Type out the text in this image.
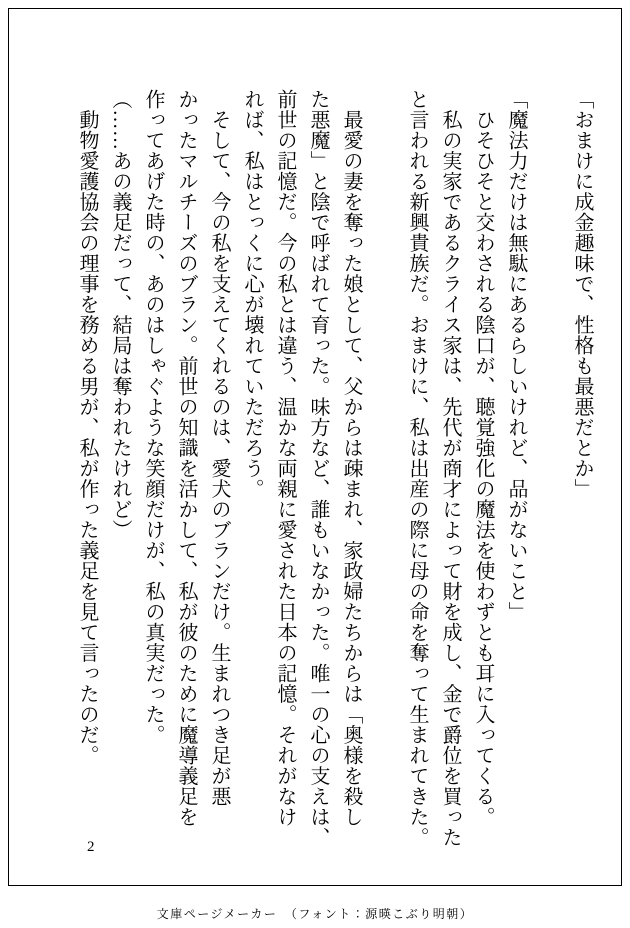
「おまけに成金趣味で、性格も最悪だとか」
「魔法力だけは無駄にあるらしいけれど、品がないこと」
　ひそひそと交わされる陰口が、聴覚強化の魔法を使わずとも耳に入ってくる。
　私の実家であるクライス家は、先代が商才によって財を成し、金で爵位を買った
と言われる新興貴族だ。おまけに、私は出産の際に母の命を奪って生まれてきた。
　最愛の妻を奪った娘として、父からは疎まれ、家政婦たちからは「奥様を殺し
た悪魔」と陰で呼ばれて育った。味方など、誰もいなかった。唯一の心の支えは、
前世の記憶だ。今の私とは違う、温かな両親に愛された日本の記憶。それがなけ
れば、私はとっくに心が壊れていただろう。
　そして、今の私を支えてくれるのは、愛犬のブランだけ。生まれつき足が悪
かったマルチーズのブラン。前世の知識を活かして、私が彼のために魔導義足を
作ってあげた時の、あのはしゃぐような笑顔だけが、私の真実だった。
（……あの義足だって、結局は奪われたけれど）
　動物愛護協会の理事を務める男が、私が作った義足を見て言ったのだ。
2
文庫ページメーカー　（フォント：源暎こぶり明朝）
